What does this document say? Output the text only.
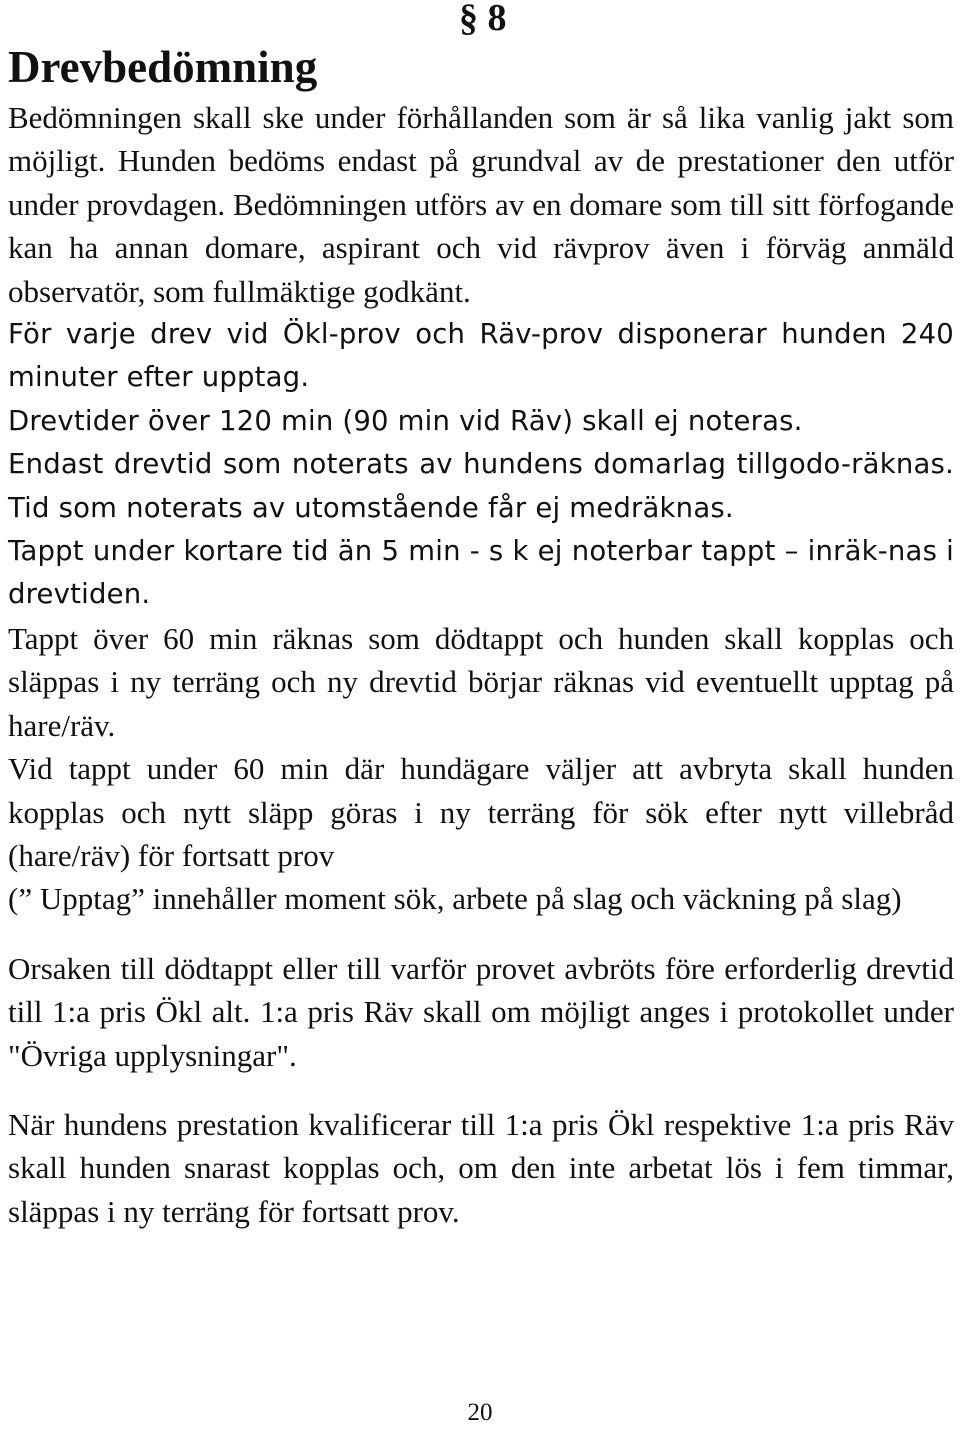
§ 8
Drevbedömning

Bedömningen skall ske under förhållanden som är så lika vanlig jakt som möjligt. Hunden bedöms endast på grundval av de prestationer den utför under provdagen. Bedömningen utförs av en domare som till sitt förfogande kan ha annan domare, aspirant och vid rävprov även i förväg anmäld observatör, som fullmäktige godkänt.

För varje drev vid Ökl-prov och Räv-prov disponerar hunden 240 minuter efter upptag.

Drevtider över 120 min (90 min vid Räv) skall ej noteras.

Endast drevtid som noterats av hundens domarlag tillgodo-räknas. Tid som noterats av utomstående får ej medräknas.

Tappt under kortare tid än 5 min - s k ej noterbar tappt – inräk-nas i drevtiden.

Tappt över 60 min räknas som dödtappt och hunden skall kopplas och släppas i ny terräng och ny drevtid börjar räknas vid eventuellt upptag på hare/räv.

Vid tappt under 60 min där hundägare väljer att avbryta skall hunden kopplas och nytt släpp göras i ny terräng för sök efter nytt villebråd (hare/räv) för fortsatt prov

(” Upptag” innehåller moment sök, arbete på slag och väckning på slag)

Orsaken till dödtappt eller till varför provet avbröts före erforderlig drevtid till 1:a pris Ökl alt. 1:a pris Räv skall om möjligt anges i protokollet under "Övriga upplysningar".

När hundens prestation kvalificerar till 1:a pris Ökl respektive 1:a pris Räv skall hunden snarast kopplas och, om den inte arbetat lös i fem timmar, släppas i ny terräng för fortsatt prov.

20
